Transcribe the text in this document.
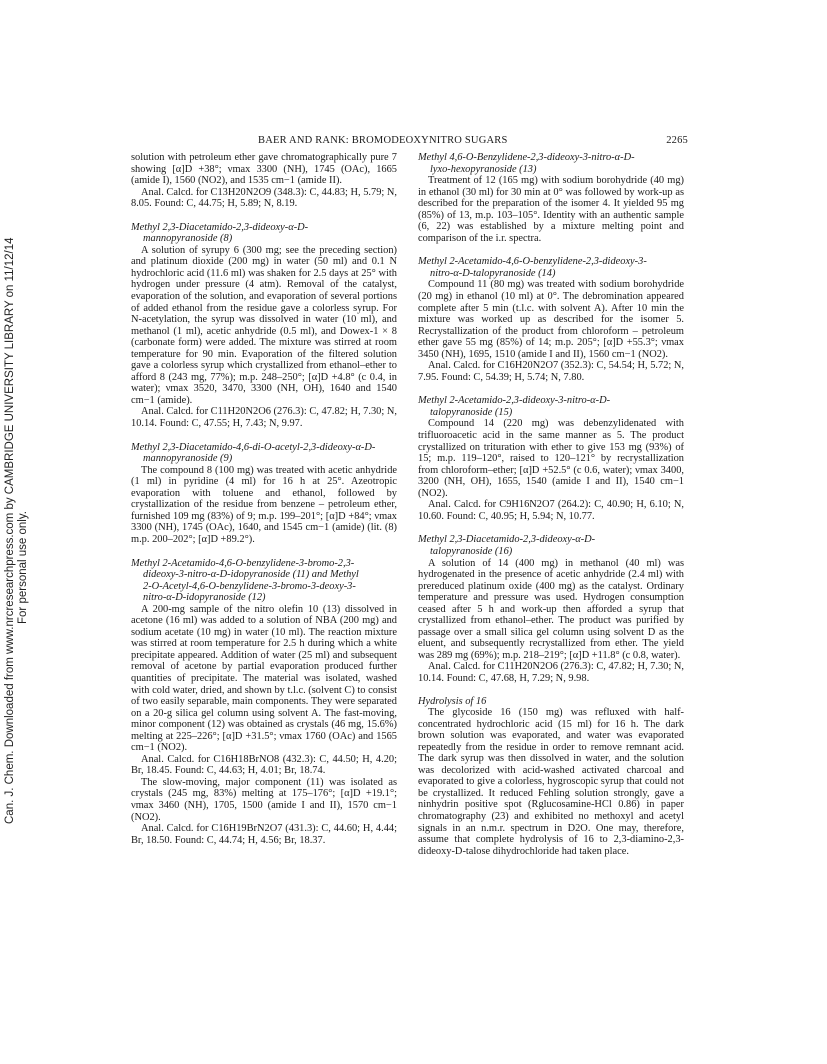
Can. J. Chem. Downloaded from www.nrcresearchpress.com by CAMBRIDGE UNIVERSITY LIBRARY on 11/12/14 For personal use only.
BAER AND RANK: BROMODEOXYNITRO SUGARS	2265

solution with petroleum ether gave chromatographically pure 7 showing [α]D +38°; νmax 3300 (NH), 1745 (OAc), 1665 (amide I), 1560 (NO2), and 1535 cm−1 (amide II).

Anal. Calcd. for C13H20N2O9 (348.3): C, 44.83; H, 5.79; N, 8.05. Found: C, 44.75; H, 5.89; N, 8.19.

Methyl 2,3-Diacetamido-2,3-dideoxy-α-D-
mannopyranoside (8)

A solution of syrupy 6 (300 mg; see the preceding section) and platinum dioxide (200 mg) in water (50 ml) and 0.1 N hydrochloric acid (11.6 ml) was shaken for 2.5 days at 25° with hydrogen under pressure (4 atm). Removal of the catalyst, evaporation of the solution, and evaporation of several portions of added ethanol from the residue gave a colorless syrup. For N-acetylation, the syrup was dissolved in water (10 ml), and methanol (1 ml), acetic anhydride (0.5 ml), and Dowex-1 × 8 (carbonate form) were added. The mixture was stirred at room temperature for 90 min. Evaporation of the filtered solution gave a colorless syrup which crystallized from ethanol–ether to afford 8 (243 mg, 77%); m.p. 248–250°; [α]D +4.8° (c 0.4, in water); νmax 3520, 3470, 3300 (NH, OH), 1640 and 1540 cm−1 (amide).

Anal. Calcd. for C11H20N2O6 (276.3): C, 47.82; H, 7.30; N, 10.14. Found: C, 47.55; H, 7.43; N, 9.97.

Methyl 2,3-Diacetamido-4,6-di-O-acetyl-2,3-dideoxy-α-D-
mannopyranoside (9)

The compound 8 (100 mg) was treated with acetic anhydride (1 ml) in pyridine (4 ml) for 16 h at 25°. Azeotropic evaporation with toluene and ethanol, followed by crystallization of the residue from benzene – petroleum ether, furnished 109 mg (83%) of 9; m.p. 199–201°; [α]D +84°; νmax 3300 (NH), 1745 (OAc), 1640, and 1545 cm−1 (amide) (lit. (8) m.p. 200–202°; [α]D +89.2°).

Methyl 2-Acetamido-4,6-O-benzylidene-3-bromo-2,3-
dideoxy-3-nitro-α-D-idopyranoside (11) and Methyl
2-O-Acetyl-4,6-O-benzylidene-3-bromo-3-deoxy-3-
nitro-α-D-idopyranoside (12)

A 200-mg sample of the nitro olefin 10 (13) dissolved in acetone (16 ml) was added to a solution of NBA (200 mg) and sodium acetate (10 mg) in water (10 ml). The reaction mixture was stirred at room temperature for 2.5 h during which a white precipitate appeared. Addition of water (25 ml) and subsequent removal of acetone by partial evaporation produced further quantities of precipitate. The material was isolated, washed with cold water, dried, and shown by t.l.c. (solvent C) to consist of two easily separable, main components. They were separated on a 20-g silica gel column using solvent A. The fast-moving, minor component (12) was obtained as crystals (46 mg, 15.6%) melting at 225–226°; [α]D +31.5°; νmax 1760 (OAc) and 1565 cm−1 (NO2).

Anal. Calcd. for C16H18BrNO8 (432.3): C, 44.50; H, 4.20; Br, 18.45. Found: C, 44.63; H, 4.01; Br, 18.74.

The slow-moving, major component (11) was isolated as crystals (245 mg, 83%) melting at 175–176°; [α]D +19.1°; νmax 3460 (NH), 1705, 1500 (amide I and II), 1570 cm−1 (NO2).

Anal. Calcd. for C16H19BrN2O7 (431.3): C, 44.60; H, 4.44; Br, 18.50. Found: C, 44.74; H, 4.56; Br, 18.37.

Methyl 4,6-O-Benzylidene-2,3-dideoxy-3-nitro-α-D-
lyxo-hexopyranoside (13)

Treatment of 12 (165 mg) with sodium borohydride (40 mg) in ethanol (30 ml) for 30 min at 0° was followed by work-up as described for the preparation of the isomer 4. It yielded 95 mg (85%) of 13, m.p. 103–105°. Identity with an authentic sample (6, 22) was established by a mixture melting point and comparison of the i.r. spectra.

Methyl 2-Acetamido-4,6-O-benzylidene-2,3-dideoxy-3-
nitro-α-D-talopyranoside (14)

Compound 11 (80 mg) was treated with sodium borohydride (20 mg) in ethanol (10 ml) at 0°. The debromination appeared complete after 5 min (t.l.c. with solvent A). After 10 min the mixture was worked up as described for the isomer 5. Recrystallization of the product from chloroform – petroleum ether gave 55 mg (85%) of 14; m.p. 205°; [α]D +55.3°; νmax 3450 (NH), 1695, 1510 (amide I and II), 1560 cm−1 (NO2).

Anal. Calcd. for C16H20N2O7 (352.3): C, 54.54; H, 5.72; N, 7.95. Found: C, 54.39; H, 5.74; N, 7.80.

Methyl 2-Acetamido-2,3-dideoxy-3-nitro-α-D-
talopyranoside (15)

Compound 14 (220 mg) was debenzylidenated with trifluoroacetic acid in the same manner as 5. The product crystallized on trituration with ether to give 153 mg (93%) of 15; m.p. 119–120°, raised to 120–121° by recrystallization from chloroform–ether; [α]D +52.5° (c 0.6, water); νmax 3400, 3200 (NH, OH), 1655, 1540 (amide I and II), 1540 cm−1 (NO2).

Anal. Calcd. for C9H16N2O7 (264.2): C, 40.90; H, 6.10; N, 10.60. Found: C, 40.95; H, 5.94; N, 10.77.

Methyl 2,3-Diacetamido-2,3-dideoxy-α-D-
talopyranoside (16)

A solution of 14 (400 mg) in methanol (40 ml) was hydrogenated in the presence of acetic anhydride (2.4 ml) with prereduced platinum oxide (400 mg) as the catalyst. Ordinary temperature and pressure was used. Hydrogen consumption ceased after 5 h and work-up then afforded a syrup that crystallized from ethanol–ether. The product was purified by passage over a small silica gel column using solvent D as the eluent, and subsequently recrystallized from ether. The yield was 289 mg (69%); m.p. 218–219°; [α]D +11.8° (c 0.8, water).

Anal. Calcd. for C11H20N2O6 (276.3): C, 47.82; H, 7.30; N, 10.14. Found: C, 47.68, H, 7.29; N, 9.98.

Hydrolysis of 16

The glycoside 16 (150 mg) was refluxed with half-concentrated hydrochloric acid (15 ml) for 16 h. The dark brown solution was evaporated, and water was evaporated repeatedly from the residue in order to remove remnant acid. The dark syrup was then dissolved in water, and the solution was decolorized with acid-washed activated charcoal and evaporated to give a colorless, hygroscopic syrup that could not be crystallized. It reduced Fehling solution strongly, gave a ninhydrin positive spot (Rglucosamine-HCl 0.86) in paper chromatography (23) and exhibited no methoxyl and acetyl signals in an n.m.r. spectrum in D2O. One may, therefore, assume that complete hydrolysis of 16 to 2,3-diamino-2,3-dideoxy-D-talose dihydrochloride had taken place.
